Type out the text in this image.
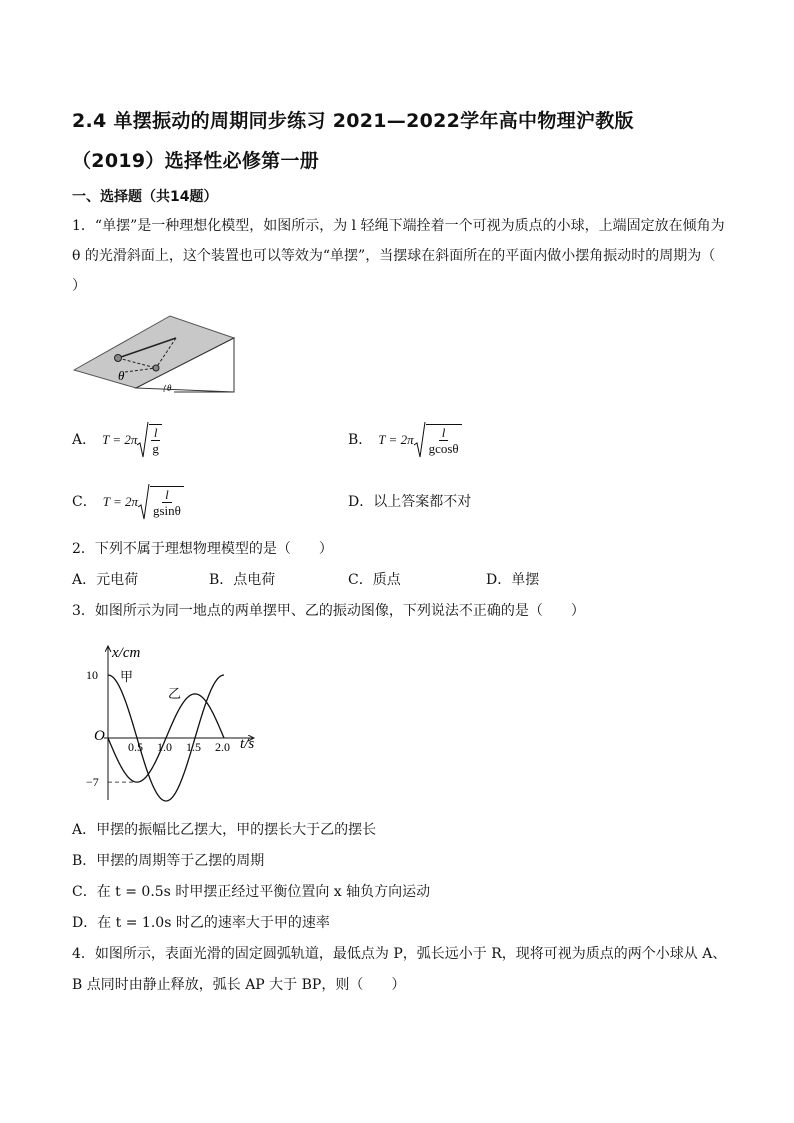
2.4 单摆振动的周期同步练习 2021—2022学年高中物理沪教版
（2019）选择性必修第一册
一、选择题（共14题）
1．“单摆”是一种理想化模型，如图所示，为 l 轻绳下端拴着一个可视为质点的小球，上端固定放在倾角为
θ 的光滑斜面上，这个装置也可以等效为“单摆”，当摆球在斜面所在的平面内做小摆角振动时的周期为（
）
θ
θ
A． $T = 2\pi \frac{l}{g}$	B． $T = 2\pi \frac{l}{gcos\theta}$
C． $T = 2\pi \frac{l}{gsin\theta}$	D．以上答案都不对
2．下列不属于理想物理模型的是（　　）
A．元电荷	B．点电荷	C．质点	D．单摆
3．如图所示为同一地点的两单摆甲、乙的振动图像，下列说法不正确的是（　　）
x/cm
t/s
O
0.5 1.0 1.5 2.0
10
−7
甲
乙
A．甲摆的振幅比乙摆大，甲的摆长大于乙的摆长
B．甲摆的周期等于乙摆的周期
C．在 t = 0.5s 时甲摆正经过平衡位置向 x 轴负方向运动
D．在 t = 1.0s 时乙的速率大于甲的速率
4．如图所示，表面光滑的固定圆弧轨道，最低点为 P，弧长远小于 R，现将可视为质点的两个小球从 A、
B 点同时由静止释放，弧长 AP 大于 BP，则（　　）
